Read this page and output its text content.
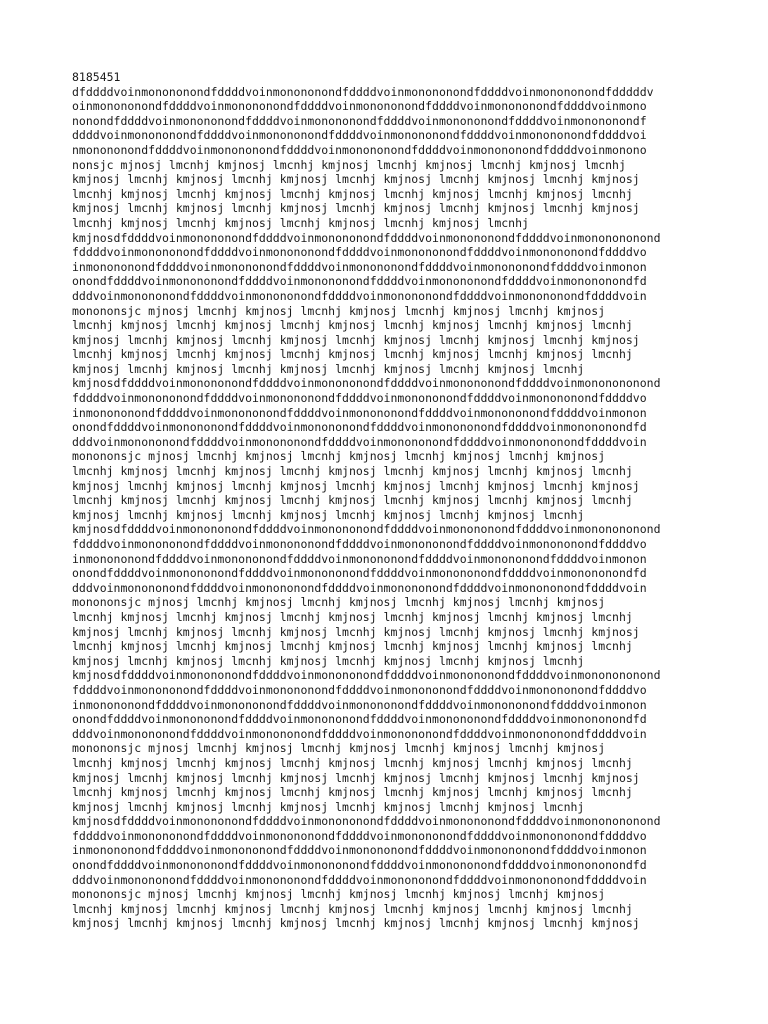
8185451
dfddddvoinmonononondfddddvoinmonononondfddddvoinmonononondfddddvoinmonononondfdddddv
oinmonononondfddddvoinmonononondfddddvoinmonononondfddddvoinmonononondfddddvoinmono
nonondfddddvoinmonononondfddddvoinmonononondfddddvoinmonononondfddddvoinmonononondf
ddddvoinmonononondfddddvoinmonononondfddddvoinmonononondfddddvoinmonononondfddddvoi
nmonononondfddddvoinmonononondfddddvoinmonononondfddddvoinmonononondfddddvoinmonono
nonsjc mjnosj lmcnhj kmjnosj lmcnhj kmjnosj lmcnhj kmjnosj lmcnhj kmjnosj lmcnhj
kmjnosj lmcnhj kmjnosj lmcnhj kmjnosj lmcnhj kmjnosj lmcnhj kmjnosj lmcnhj kmjnosj
lmcnhj kmjnosj lmcnhj kmjnosj lmcnhj kmjnosj lmcnhj kmjnosj lmcnhj kmjnosj lmcnhj
kmjnosj lmcnhj kmjnosj lmcnhj kmjnosj lmcnhj kmjnosj lmcnhj kmjnosj lmcnhj kmjnosj
lmcnhj kmjnosj lmcnhj kmjnosj lmcnhj kmjnosj lmcnhj kmjnosj lmcnhj
kmjnosdfddddvoinmonononondfddddvoinmonononondfddddvoinmonononondfddddvoinmononononond
fddddvoinmonononondfddddvoinmonononondfddddvoinmonononondfddddvoinmonononondfddddvo
inmonononondfddddvoinmonononondfddddvoinmonononondfddddvoinmonononondfddddvoinmonon
onondfddddvoinmonononondfddddvoinmonononondfddddvoinmonononondfddddvoinmonononondfd
dddvoinmonononondfddddvoinmonononondfddddvoinmonononondfddddvoinmonononondfddddvoin
monononsjc mjnosj lmcnhj kmjnosj lmcnhj kmjnosj lmcnhj kmjnosj lmcnhj kmjnosj
lmcnhj kmjnosj lmcnhj kmjnosj lmcnhj kmjnosj lmcnhj kmjnosj lmcnhj kmjnosj lmcnhj
kmjnosj lmcnhj kmjnosj lmcnhj kmjnosj lmcnhj kmjnosj lmcnhj kmjnosj lmcnhj kmjnosj
lmcnhj kmjnosj lmcnhj kmjnosj lmcnhj kmjnosj lmcnhj kmjnosj lmcnhj kmjnosj lmcnhj
kmjnosj lmcnhj kmjnosj lmcnhj kmjnosj lmcnhj kmjnosj lmcnhj kmjnosj lmcnhj
kmjnosdfddddvoinmonononondfddddvoinmonononondfddddvoinmonononondfddddvoinmononononond
fddddvoinmonononondfddddvoinmonononondfddddvoinmonononondfddddvoinmonononondfddddvo
inmonononondfddddvoinmonononondfddddvoinmonononondfddddvoinmonononondfddddvoinmonon
onondfddddvoinmonononondfddddvoinmonononondfddddvoinmonononondfddddvoinmonononondfd
dddvoinmonononondfddddvoinmonononondfddddvoinmonononondfddddvoinmonononondfddddvoin
monononsjc mjnosj lmcnhj kmjnosj lmcnhj kmjnosj lmcnhj kmjnosj lmcnhj kmjnosj
lmcnhj kmjnosj lmcnhj kmjnosj lmcnhj kmjnosj lmcnhj kmjnosj lmcnhj kmjnosj lmcnhj
kmjnosj lmcnhj kmjnosj lmcnhj kmjnosj lmcnhj kmjnosj lmcnhj kmjnosj lmcnhj kmjnosj
lmcnhj kmjnosj lmcnhj kmjnosj lmcnhj kmjnosj lmcnhj kmjnosj lmcnhj kmjnosj lmcnhj
kmjnosj lmcnhj kmjnosj lmcnhj kmjnosj lmcnhj kmjnosj lmcnhj kmjnosj lmcnhj
kmjnosdfddddvoinmonononondfddddvoinmonononondfddddvoinmonononondfddddvoinmononononond
fddddvoinmonononondfddddvoinmonononondfddddvoinmonononondfddddvoinmonononondfddddvo
inmonononondfddddvoinmonononondfddddvoinmonononondfddddvoinmonononondfddddvoinmonon
onondfddddvoinmonononondfddddvoinmonononondfddddvoinmonononondfddddvoinmonononondfd
dddvoinmonononondfddddvoinmonononondfddddvoinmonononondfddddvoinmonononondfddddvoin
monononsjc mjnosj lmcnhj kmjnosj lmcnhj kmjnosj lmcnhj kmjnosj lmcnhj kmjnosj
lmcnhj kmjnosj lmcnhj kmjnosj lmcnhj kmjnosj lmcnhj kmjnosj lmcnhj kmjnosj lmcnhj
kmjnosj lmcnhj kmjnosj lmcnhj kmjnosj lmcnhj kmjnosj lmcnhj kmjnosj lmcnhj kmjnosj
lmcnhj kmjnosj lmcnhj kmjnosj lmcnhj kmjnosj lmcnhj kmjnosj lmcnhj kmjnosj lmcnhj
kmjnosj lmcnhj kmjnosj lmcnhj kmjnosj lmcnhj kmjnosj lmcnhj kmjnosj lmcnhj
kmjnosdfddddvoinmonononondfddddvoinmonononondfddddvoinmonononondfddddvoinmononononond
fddddvoinmonononondfddddvoinmonononondfddddvoinmonononondfddddvoinmonononondfddddvo
inmonononondfddddvoinmonononondfddddvoinmonononondfddddvoinmonononondfddddvoinmonon
onondfddddvoinmonononondfddddvoinmonononondfddddvoinmonononondfddddvoinmonononondfd
dddvoinmonononondfddddvoinmonononondfddddvoinmonononondfddddvoinmonononondfddddvoin
monononsjc mjnosj lmcnhj kmjnosj lmcnhj kmjnosj lmcnhj kmjnosj lmcnhj kmjnosj
lmcnhj kmjnosj lmcnhj kmjnosj lmcnhj kmjnosj lmcnhj kmjnosj lmcnhj kmjnosj lmcnhj
kmjnosj lmcnhj kmjnosj lmcnhj kmjnosj lmcnhj kmjnosj lmcnhj kmjnosj lmcnhj kmjnosj
lmcnhj kmjnosj lmcnhj kmjnosj lmcnhj kmjnosj lmcnhj kmjnosj lmcnhj kmjnosj lmcnhj
kmjnosj lmcnhj kmjnosj lmcnhj kmjnosj lmcnhj kmjnosj lmcnhj kmjnosj lmcnhj
kmjnosdfddddvoinmonononondfddddvoinmonononondfddddvoinmonononondfddddvoinmononononond
fddddvoinmonononondfddddvoinmonononondfddddvoinmonononondfddddvoinmonononondfddddvo
inmonononondfddddvoinmonononondfddddvoinmonononondfddddvoinmonononondfddddvoinmonon
onondfddddvoinmonononondfddddvoinmonononondfddddvoinmonononondfddddvoinmonononondfd
dddvoinmonononondfddddvoinmonononondfddddvoinmonononondfddddvoinmonononondfddddvoin
monononsjc mjnosj lmcnhj kmjnosj lmcnhj kmjnosj lmcnhj kmjnosj lmcnhj kmjnosj
lmcnhj kmjnosj lmcnhj kmjnosj lmcnhj kmjnosj lmcnhj kmjnosj lmcnhj kmjnosj lmcnhj
kmjnosj lmcnhj kmjnosj lmcnhj kmjnosj lmcnhj kmjnosj lmcnhj kmjnosj lmcnhj kmjnosj
